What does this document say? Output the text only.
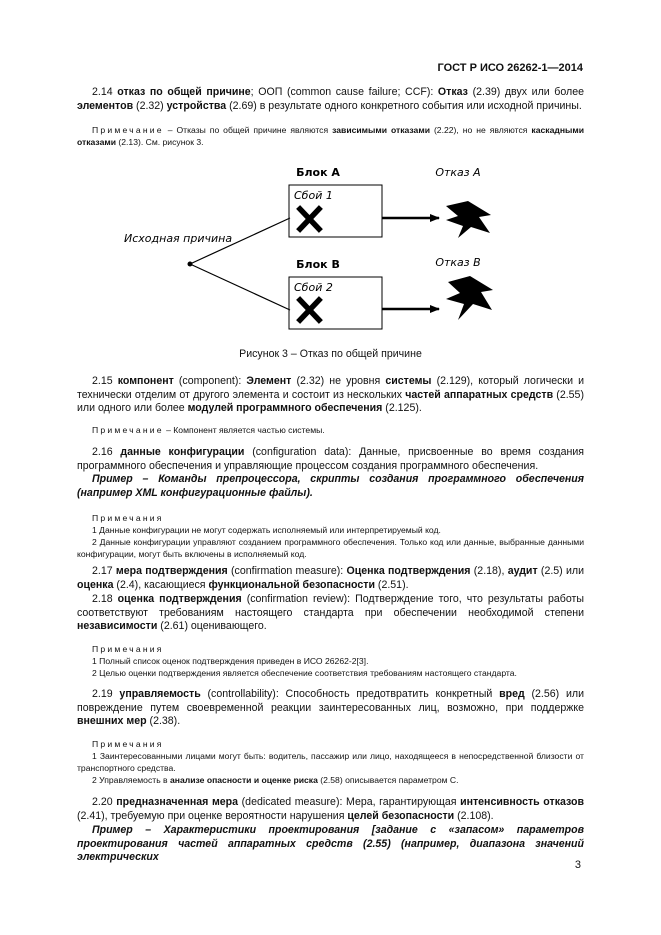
ГОСТ Р ИСО 26262-1—2014
2.14 отказ по общей причине; ООП (common cause failure; CCF): Отказ (2.39) двух или более элементов (2.32) устройства (2.69) в результате одного конкретного события или исходной причины.
Примечание – Отказы по общей причине являются зависимыми отказами (2.22), но не являются каскадными отказами (2.13). См. рисунок 3.
Блок А	Отказ А
Сбой 1
Блок В	Отказ В
Сбой 2
Исходная причина
Рисунок 3 – Отказ по общей причине
2.15 компонент (component): Элемент (2.32) не уровня системы (2.129), который логически и технически отделим от другого элемента и состоит из нескольких частей аппаратных средств (2.55) или одного или более модулей программного обеспечения (2.125).
Примечание – Компонент является частью системы.
2.16 данные конфигурации (configuration data): Данные, присвоенные во время создания программного обеспечения и управляющие процессом создания программного обеспечения.
Пример – Команды препроцессора, скрипты создания программного обеспечения (например XML конфигурационные файлы).
Примечания
1 Данные конфигурации не могут содержать исполняемый или интерпретируемый код.
2 Данные конфигурации управляют созданием программного обеспечения. Только код или данные, выбранные данными конфигурации, могут быть включены в исполняемый код.
2.17 мера подтверждения (confirmation measure): Оценка подтверждения (2.18), аудит (2.5) или оценка (2.4), касающиеся функциональной безопасности (2.51).
2.18 оценка подтверждения (confirmation review): Подтверждение того, что результаты работы соответствуют требованиям настоящего стандарта при обеспечении необходимой степени независимости (2.61) оценивающего.
Примечания
1 Полный список оценок подтверждения приведен в ИСО 26262-2[3].
2 Целью оценки подтверждения является обеспечение соответствия требованиям настоящего стандарта.
2.19 управляемость (controllability): Способность предотвратить конкретный вред (2.56) или повреждение путем своевременной реакции заинтересованных лиц, возможно, при поддержке внешних мер (2.38).
Примечания
1 Заинтересованными лицами могут быть: водитель, пассажир или лицо, находящееся в непосредственной близости от транспортного средства.
2 Управляемость в анализе опасности и оценке риска (2.58) описывается параметром С.
2.20 предназначенная мера (dedicated measure): Мера, гарантирующая интенсивность отказов (2.41), требуемую при оценке вероятности нарушения целей безопасности (2.108).
Пример – Характеристики проектирования [задание с «запасом» параметров проектирования частей аппаратных средств (2.55) (например, диапазона значений электрических
3
